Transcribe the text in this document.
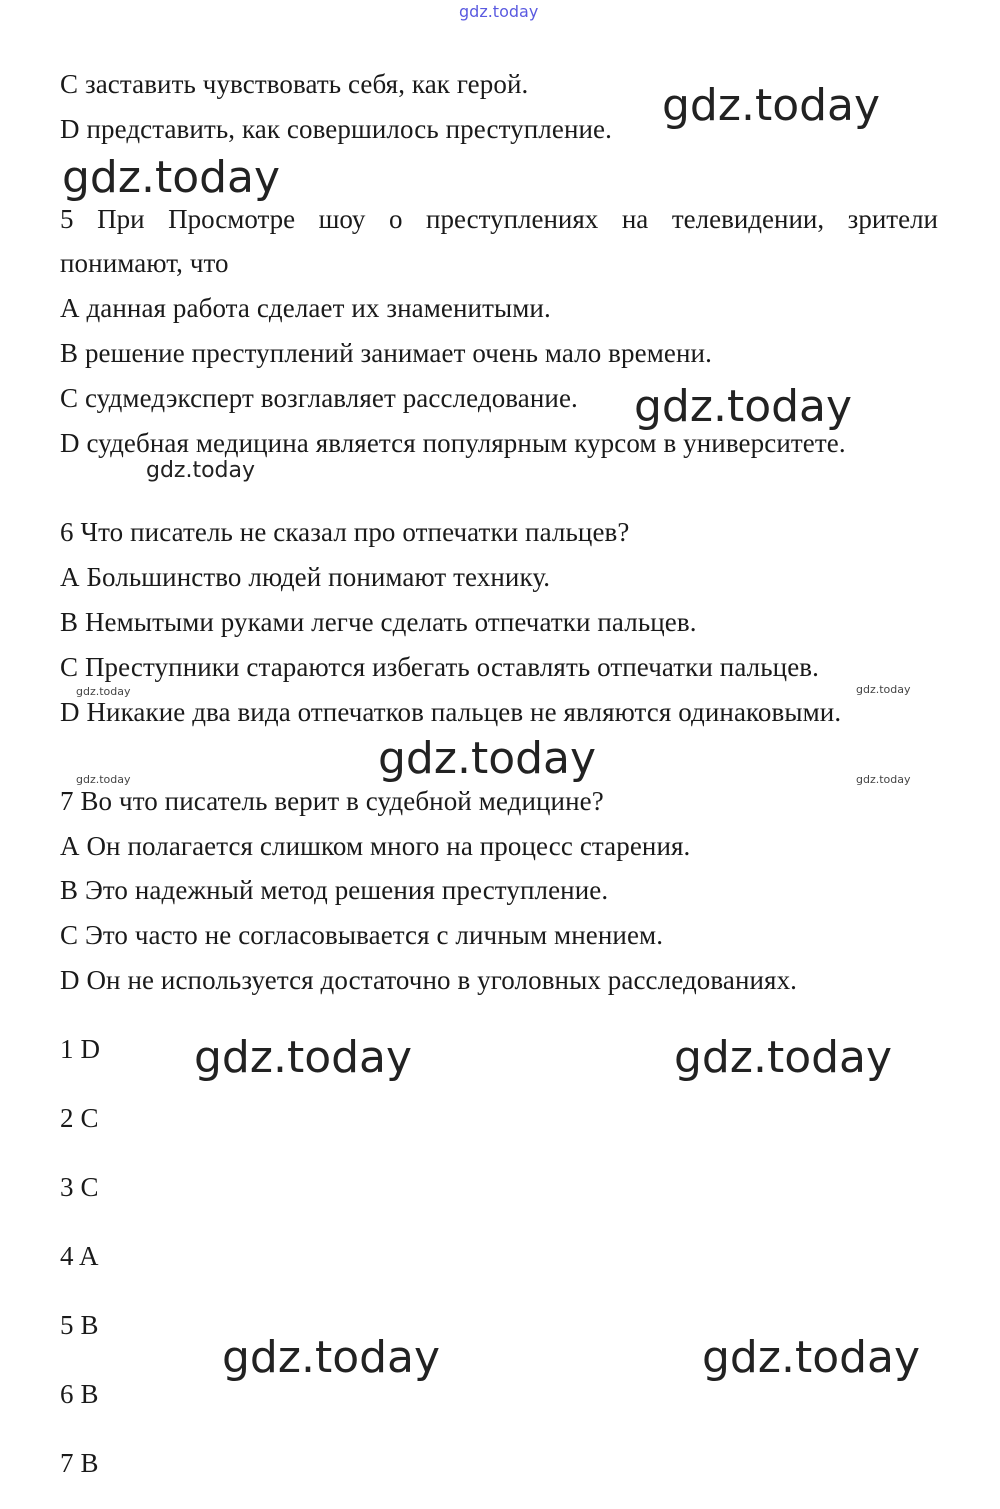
gdz.today
C заставить чувствовать себя, как герой.
D представить, как совершилось преступление. gdz.today
gdz.today
5 При Просмотре шоу о преступлениях на телевидении, зрители
понимают, что
А данная работа сделает их знаменитыми.
В решение преступлений занимает очень мало времени.
С судмедэксперт возглавляет расследование.
D судебная медицина является популярным курсом в университете.
gdz.today
gdz.today
6 Что писатель не сказал про отпечатки пальцев?
А Большинство людей понимают технику.
В Немытыми руками легче сделать отпечатки пальцев.
С Преступники стараются избегать оставлять отпечатки пальцев.
D Никакие два вида отпечатков пальцев не являются одинаковыми.
gdz.today	gdz.today
gdz.today
gdz.today	gdz.today
7 Во что писатель верит в судебной медицине?
А Он полагается слишком много на процесс старения.
В Это надежный метод решения преступление.
С Это часто не согласовывается с личным мнением.
D Он не используется достаточно в уголовных расследованиях.
1 D
2 C
3 C
4 A
5 B
6 B
7 B
gdz.today	gdz.today
gdz.today	gdz.today
